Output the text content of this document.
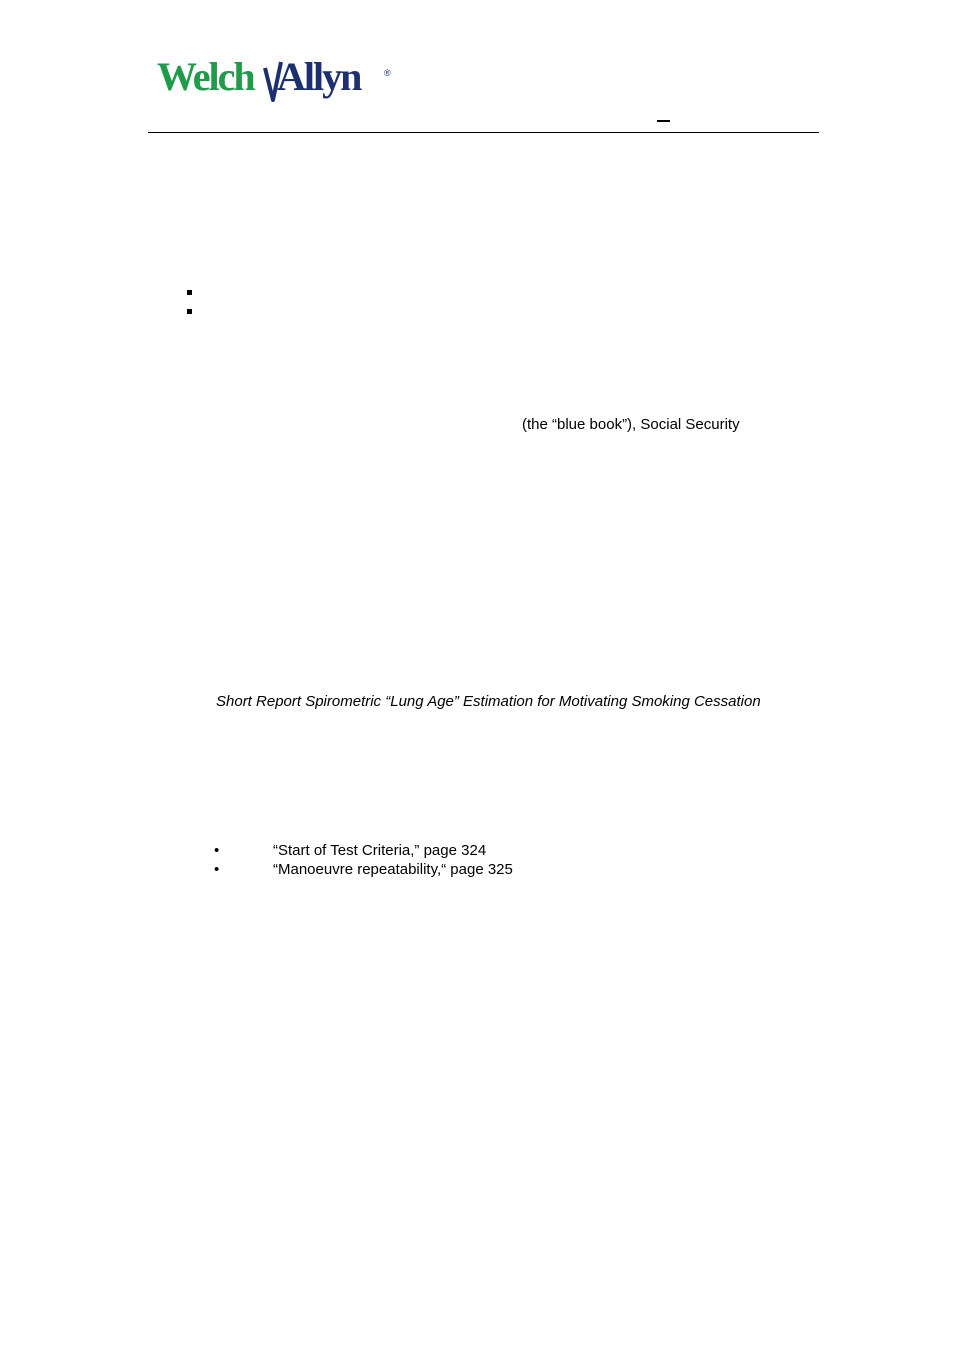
Welch Allyn	®
(the “blue book”), Social Security
Short Report Spirometric “Lung Age” Estimation for Motivating Smoking Cessation
•	“Start of Test Criteria,” page 324
•	“Manoeuvre repeatability,“ page 325
